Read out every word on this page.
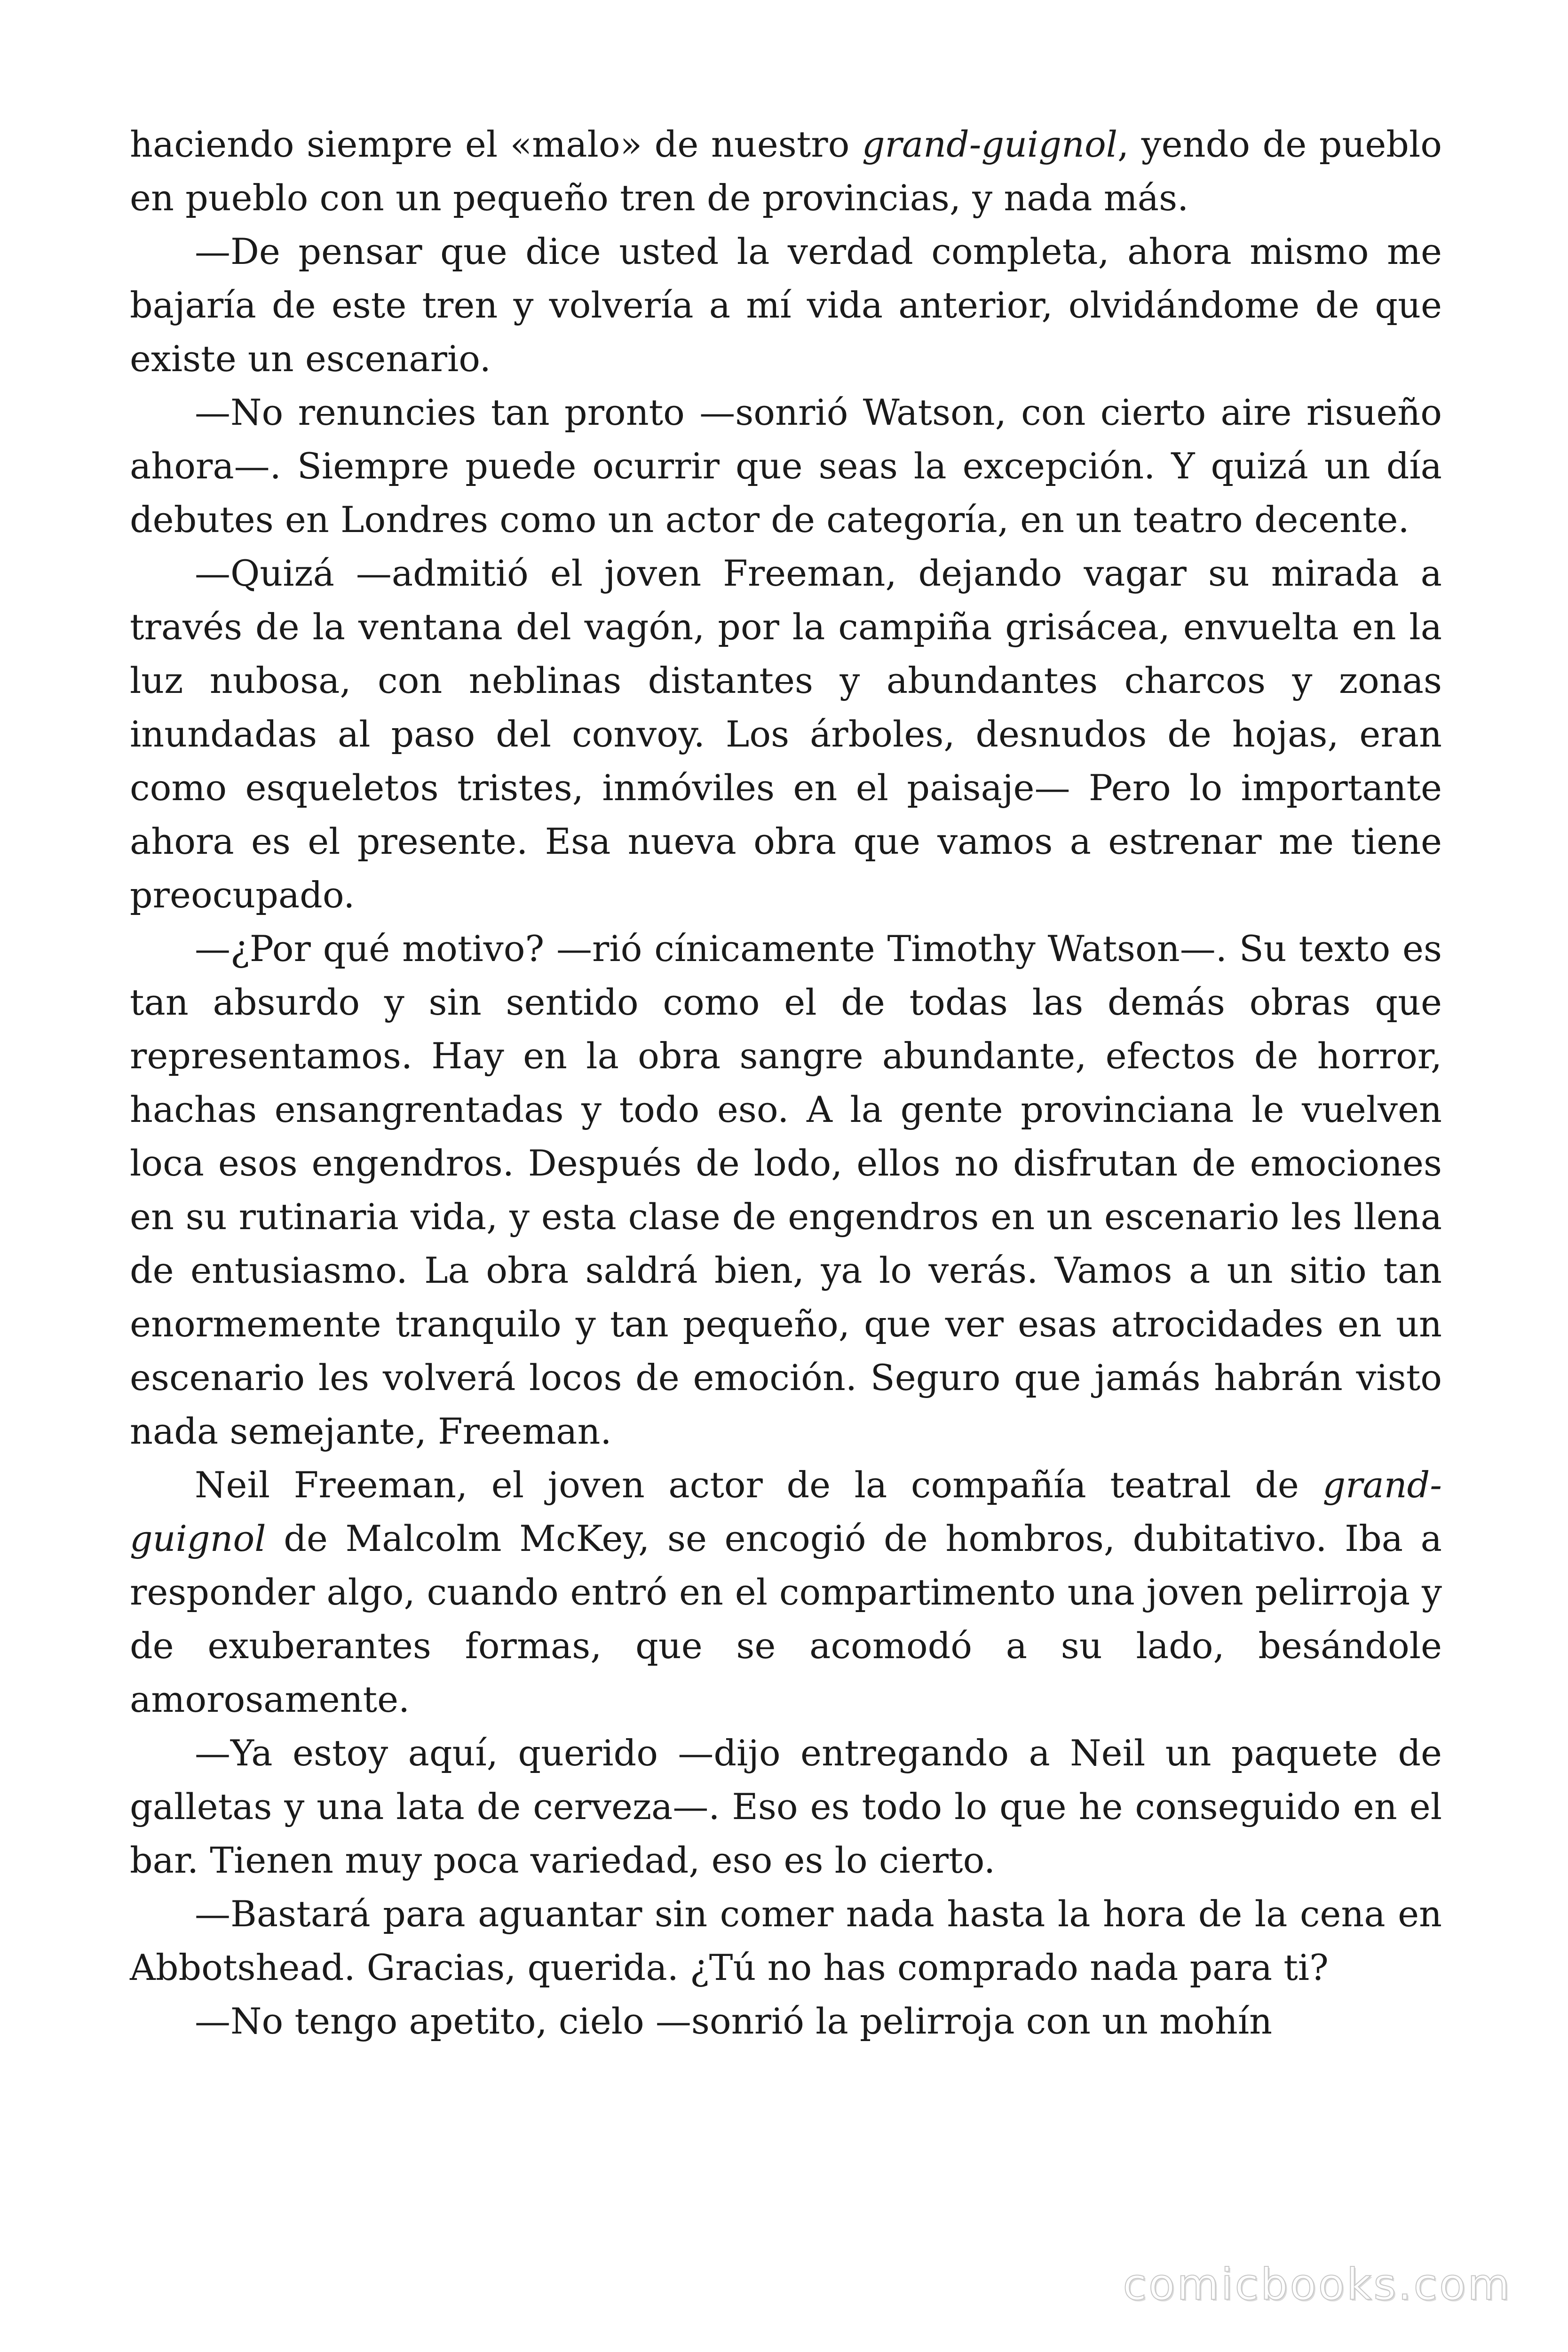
haciendo siempre el «malo» de nuestro grand-guignol, yendo de pueblo en pueblo con un pequeño tren de provincias, y nada más.

—De pensar que dice usted la verdad completa, ahora mismo me bajaría de este tren y volvería a mí vida anterior, olvidándome de que existe un escenario.

—No renuncies tan pronto —sonrió Watson, con cierto aire risueño ahora—. Siempre puede ocurrir que seas la excepción. Y quizá un día debutes en Londres como un actor de categoría, en un teatro decente.

—Quizá —admitió el joven Freeman, dejando vagar su mirada a través de la ventana del vagón, por la campiña grisácea, envuelta en la luz nubosa, con neblinas distantes y abundantes charcos y zonas inundadas al paso del convoy. Los árboles, desnudos de hojas, eran como esqueletos tristes, inmóviles en el paisaje— Pero lo importante ahora es el presente. Esa nueva obra que vamos a estrenar me tiene preocupado.

—¿Por qué motivo? —rió cínicamente Timothy Watson—. Su texto es tan absurdo y sin sentido como el de todas las demás obras que representamos. Hay en la obra sangre abundante, efectos de horror, hachas ensangrentadas y todo eso. A la gente provinciana le vuelven loca esos engendros. Después de lodo, ellos no disfrutan de emociones en su rutinaria vida, y esta clase de engendros en un escenario les llena de entusiasmo. La obra saldrá bien, ya lo verás. Vamos a un sitio tan enormemente tranquilo y tan pequeño, que ver esas atrocidades en un escenario les volverá locos de emoción. Seguro que jamás habrán visto nada semejante, Freeman.

Neil Freeman, el joven actor de la compañía teatral de grand-guignol de Malcolm McKey, se encogió de hombros, dubitativo. Iba a responder algo, cuando entró en el compartimento una joven pelirroja y de exuberantes formas, que se acomodó a su lado, besándole amorosamente.

—Ya estoy aquí, querido —dijo entregando a Neil un paquete de galletas y una lata de cerveza—. Eso es todo lo que he conseguido en el bar. Tienen muy poca variedad, eso es lo cierto.

—Bastará para aguantar sin comer nada hasta la hora de la cena en Abbotshead. Gracias, querida. ¿Tú no has comprado nada para ti?

—No tengo apetito, cielo —sonrió la pelirroja con un mohín

comicbooks.com
